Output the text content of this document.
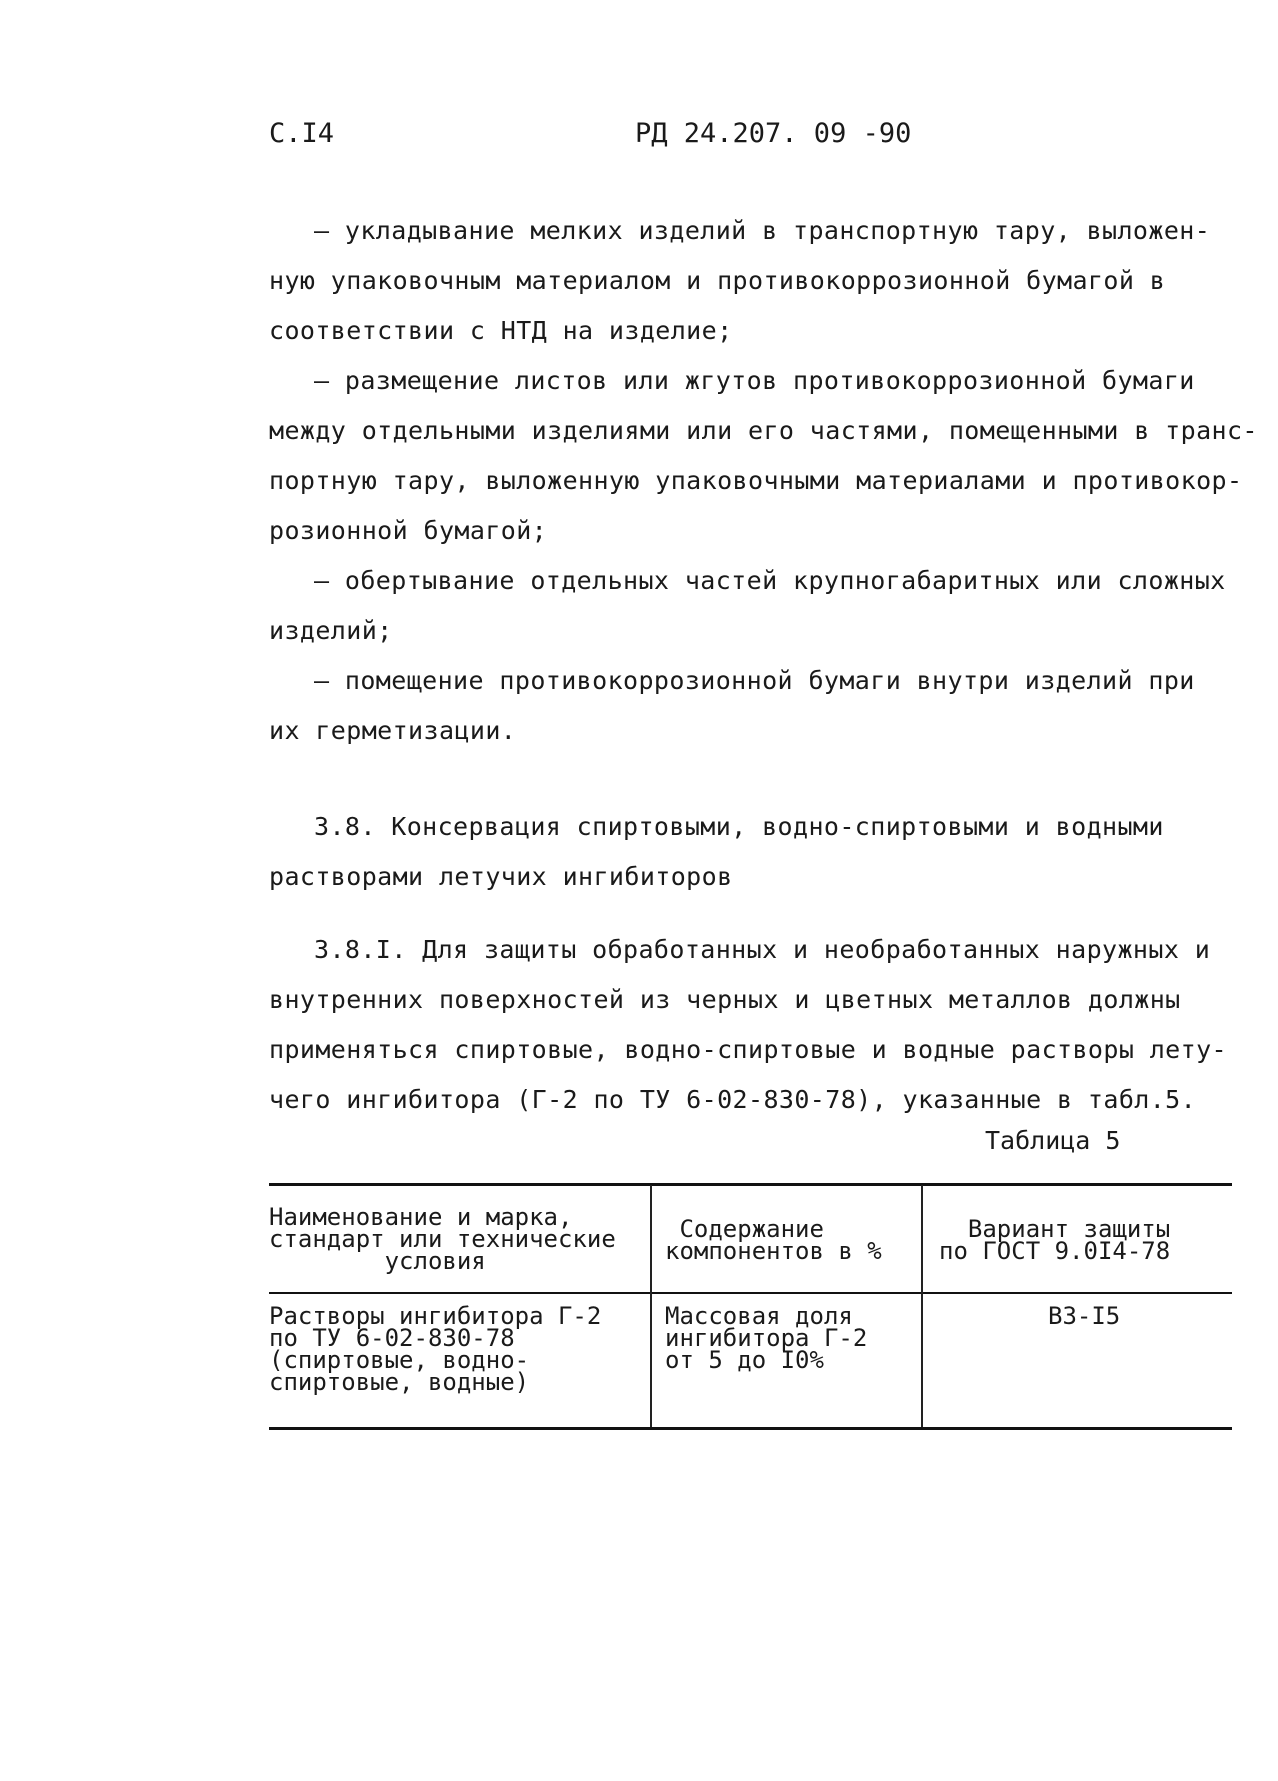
С.I4	РД 24.207. 09 -90
– укладывание мелких изделий в транспортную тару, выложен-
ную упаковочным материалом и противокоррозионной бумагой в
соответствии с НТД на изделие;
– размещение листов или жгутов противокоррозионной бумаги
между отдельными изделиями или его частями, помещенными в транс-
портную тару, выложенную упаковочными материалами и противокор-
розионной бумагой;
– обертывание отдельных частей крупногабаритных или сложных
изделий;
– помещение противокоррозионной бумаги внутри изделий при
их герметизации.
3.8. Консервация спиртовыми, водно-спиртовыми и водными
растворами летучих ингибиторов
3.8.I. Для защиты обработанных и необработанных наружных и
внутренних поверхностей из черных и цветных металлов должны
применяться спиртовые, водно-спиртовые и водные растворы лету-
чего ингибитора (Г-2 по ТУ 6-02-830-78), указанные в табл.5.
Таблица 5
Наименование и марка,
стандарт или технические
условия
Содержание
компонентов в %
Вариант защиты
по ГОСТ 9.0I4-78
Растворы ингибитора Г-2
по ТУ 6-02-830-78
(спиртовые, водно-
спиртовые, водные)
Массовая доля
ингибитора Г-2
от 5 до I0%
B3-I5
